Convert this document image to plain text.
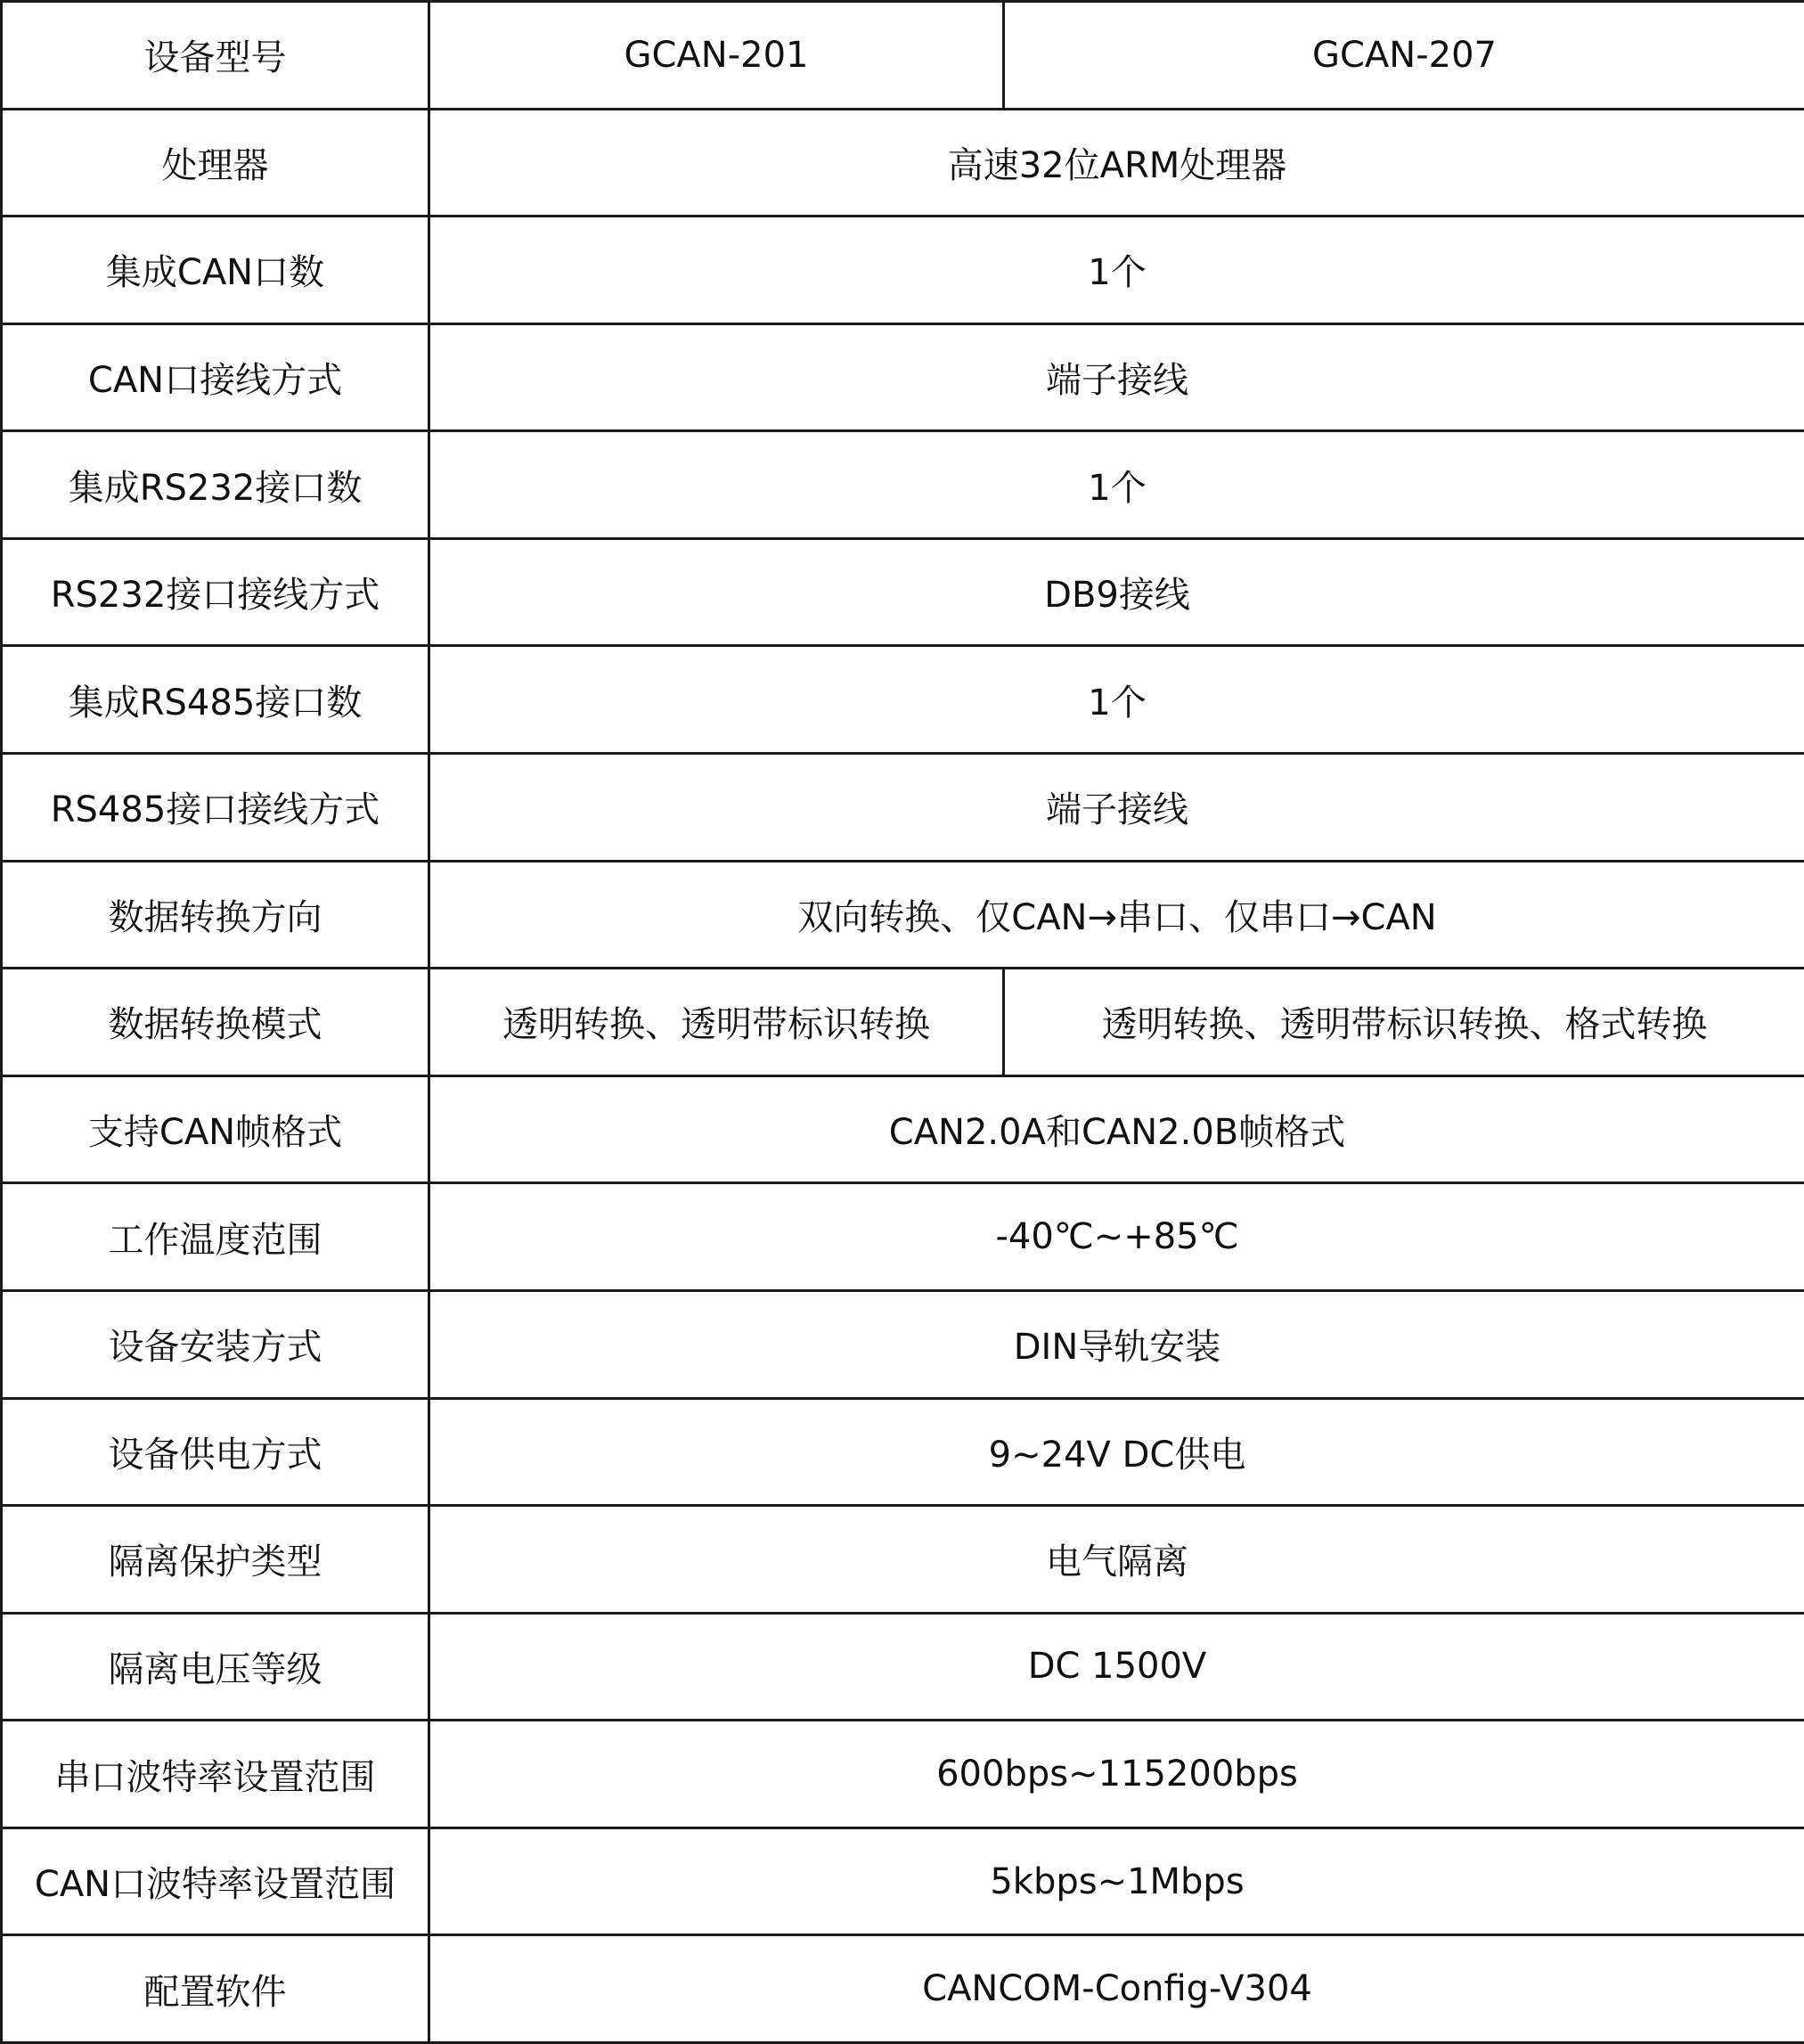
设备型号	GCAN-201	GCAN-207
处理器	高速32位ARM处理器	
集成CAN口数	1个	
CAN口接线方式	端子接线	
集成RS232接口数	1个	
RS232接口接线方式	DB9接线	
集成RS485接口数	1个	
RS485接口接线方式	端子接线	
数据转换方向	双向转换、仅CAN→串口、仅串口→CAN	
数据转换模式	透明转换、透明带标识转换	透明转换、透明带标识转换、格式转换
支持CAN帧格式	CAN2.0A和CAN2.0B帧格式	
工作温度范围	-40℃~+85℃	
设备安装方式	DIN导轨安装	
设备供电方式	9~24V DC供电	
隔离保护类型	电气隔离	
隔离电压等级	DC 1500V	
串口波特率设置范围	600bps~115200bps	
CAN口波特率设置范围	5kbps~1Mbps	
配置软件	CANCOM-Config-V304	
